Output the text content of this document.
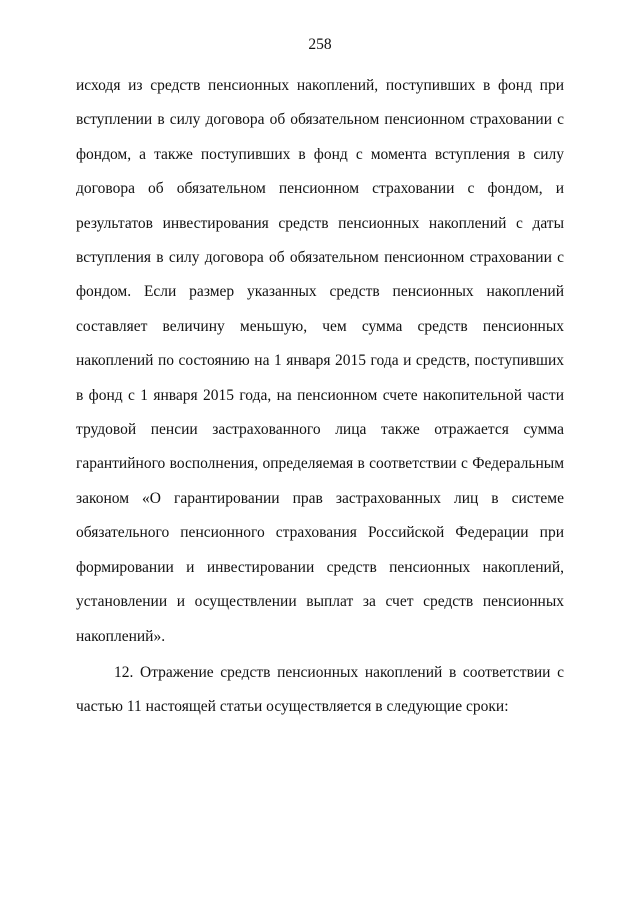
258

исходя из средств пенсионных накоплений, поступивших в фонд при вступлении в силу договора об обязательном пенсионном страховании с фондом, а также поступивших в фонд с момента вступления в силу договора об обязательном пенсионном страховании с фондом, и результатов инвестирования средств пенсионных накоплений с даты вступления в силу договора об обязательном пенсионном страховании с фондом. Если размер указанных средств пенсионных накоплений составляет величину меньшую, чем сумма средств пенсионных накоплений по состоянию на 1 января 2015 года и средств, поступивших в фонд с 1 января 2015 года, на пенсионном счете накопительной части трудовой пенсии застрахованного лица также отражается сумма гарантийного восполнения, определяемая в соответствии с Федеральным законом «О гарантировании прав застрахованных лиц в системе обязательного пенсионного страхования Российской Федерации при формировании и инвестировании средств пенсионных накоплений, установлении и осуществлении выплат за счет средств пенсионных накоплений».

12. Отражение средств пенсионных накоплений в соответствии с частью 11 настоящей статьи осуществляется в следующие сроки:
